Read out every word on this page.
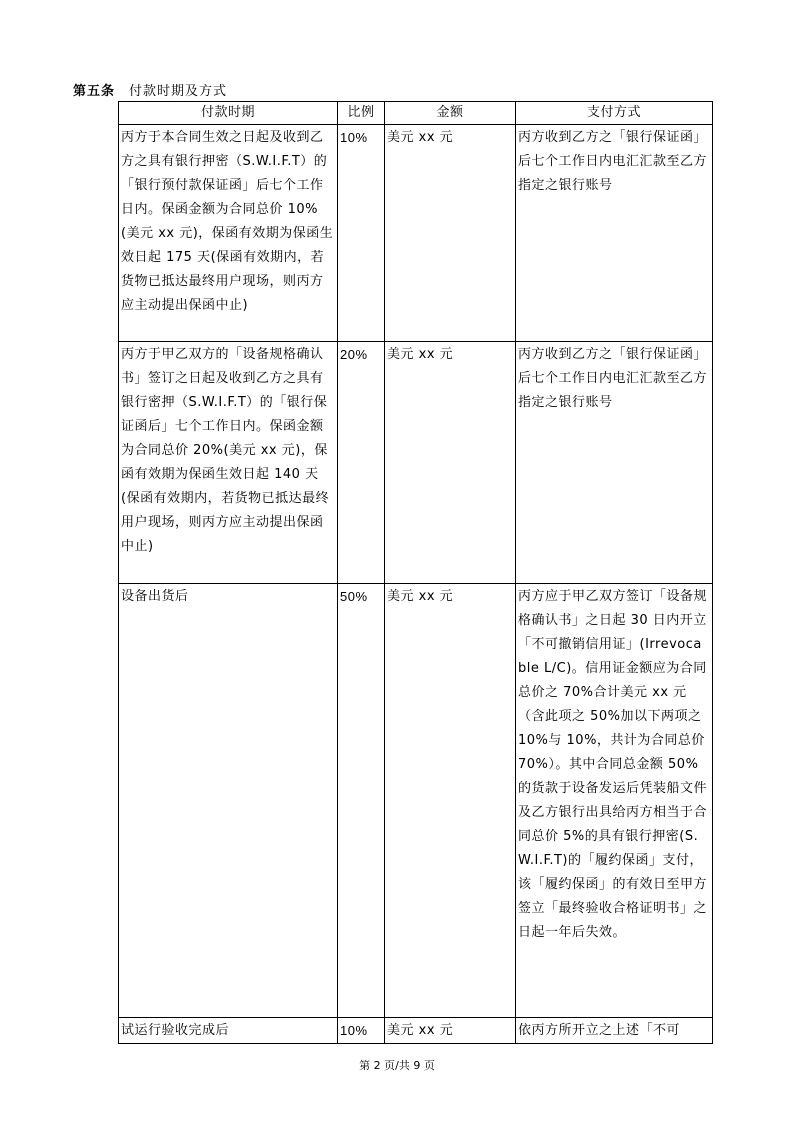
第五条 付款时期及方式
付款时期	比例	金额	支付方式
丙方于本合同生效之日起及收到乙方之具有银行押密（S.W.I.F.T）的「银行预付款保证函」后七个工作日内。保函金额为合同总价 10%(美元 xx 元)，保函有效期为保函生效日起 175 天(保函有效期内，若货物已抵达最终用户现场，则丙方应主动提出保函中止)	10%	美元 xx 元	丙方收到乙方之「银行保证函」后七个工作日内电汇汇款至乙方指定之银行账号
丙方于甲乙双方的「设备规格确认书」签订之日起及收到乙方之具有银行密押（S.W.I.F.T）的「银行保证函后」七个工作日内。保函金额为合同总价 20%(美元 xx 元)，保函有效期为保函生效日起 140 天(保函有效期内，若货物已抵达最终用户现场，则丙方应主动提出保函中止)	20%	美元 xx 元	丙方收到乙方之「银行保证函」后七个工作日内电汇汇款至乙方指定之银行账号
设备出货后	50%	美元 xx 元	丙方应于甲乙双方签订「设备规格确认书」之日起 30 日内开立「不可撤销信用证」(Irrevocable L/C)。信用证金额应为合同总价之 70%合计美元 xx 元（含此项之 50%加以下两项之 10%与 10%，共计为合同总价 70%）。其中合同总金额 50%的货款于设备发运后凭装船文件及乙方银行出具给丙方相当于合同总价 5%的具有银行押密(S.W.I.F.T)的「履约保函」支付，该「履约保函」的有效日至甲方签立「最终验收合格证明书」之日起一年后失效。
试运行验收完成后	10%	美元 xx 元	依丙方所开立之上述「不可
第 2 页/共 9 页
